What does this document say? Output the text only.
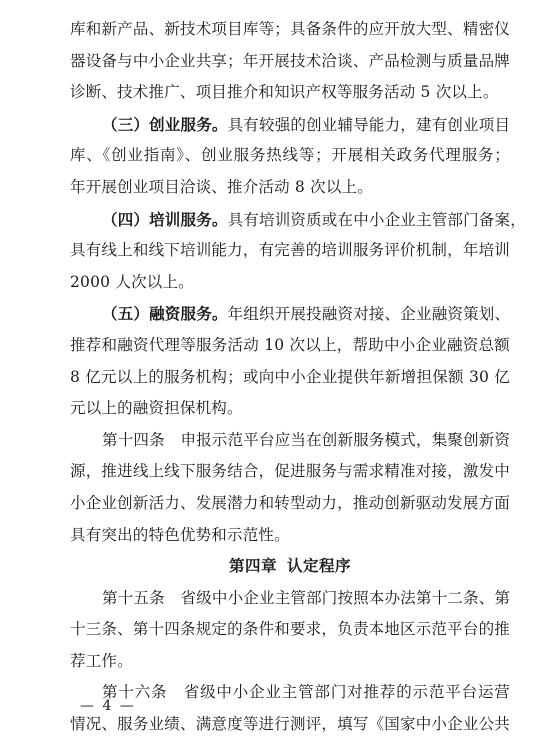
库和新产品、新技术项目库等；具备条件的应开放大型、精密仪
器设备与中小企业共享；年开展技术洽谈、产品检测与质量品牌
诊断、技术推广、项目推介和知识产权等服务活动 5 次以上。
（三）创业服务。具有较强的创业辅导能力，建有创业项目
库、《创业指南》、创业服务热线等；开展相关政务代理服务；
年开展创业项目洽谈、推介活动 8 次以上。
（四）培训服务。具有培训资质或在中小企业主管部门备案，
具有线上和线下培训能力，有完善的培训服务评价机制，年培训
2000 人次以上。
（五）融资服务。年组织开展投融资对接、企业融资策划、
推荐和融资代理等服务活动 10 次以上，帮助中小企业融资总额
8 亿元以上的服务机构；或向中小企业提供年新增担保额 30 亿
元以上的融资担保机构。
第十四条　申报示范平台应当在创新服务模式，集聚创新资
源，推进线上线下服务结合，促进服务与需求精准对接，激发中
小企业创新活力、发展潜力和转型动力，推动创新驱动发展方面
具有突出的特色优势和示范性。
第四章 认定程序
第十五条　省级中小企业主管部门按照本办法第十二条、第
十三条、第十四条规定的条件和要求，负责本地区示范平台的推
荐工作。
第十六条　省级中小企业主管部门对推荐的示范平台运营
情况、服务业绩、满意度等进行测评，填写《国家中小企业公共
— 4 —
